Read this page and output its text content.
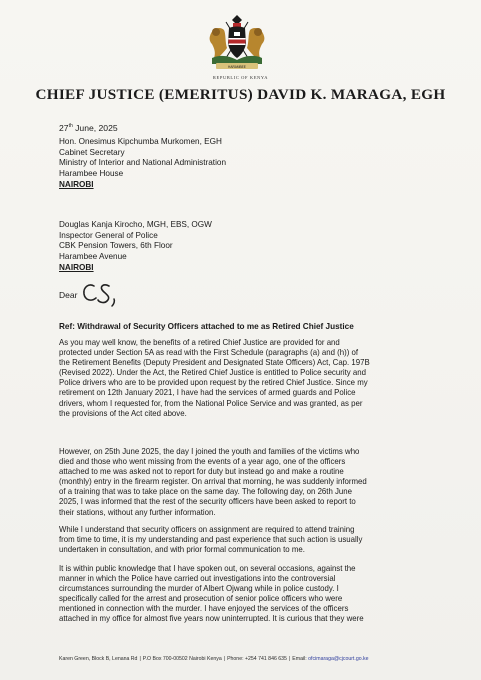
HARAMBEE
REPUBLIC OF KENYA
CHIEF JUSTICE (EMERITUS) DAVID K. MARAGA, EGH
27th June, 2025
Hon. Onesimus Kipchumba Murkomen, EGH
Cabinet Secretary
Ministry of Interior and National Administration
Harambee House
NAIROBI
Douglas Kanja Kirocho, MGH, EBS, OGW
Inspector General of Police
CBK Pension Towers, 6th Floor
Harambee Avenue
NAIROBI
Dear
Ref: Withdrawal of Security Officers attached to me as Retired Chief Justice
As you may well know, the benefits of a retired Chief Justice are provided for and
protected under Section 5A as read with the First Schedule (paragraphs (a) and (h)) of
the Retirement Benefits (Deputy President and Designated State Officers) Act, Cap. 197B
(Revised 2022). Under the Act, the Retired Chief Justice is entitled to Police security and
Police drivers who are to be provided upon request by the retired Chief Justice. Since my
retirement on 12th January 2021, I have had the services of armed guards and Police
drivers, whom I requested for, from the National Police Service and was granted, as per
the provisions of the Act cited above.
However, on 25th June 2025, the day I joined the youth and families of the victims who
died and those who went missing from the events of a year ago, one of the officers
attached to me was asked not to report for duty but instead go and make a routine
(monthly) entry in the firearm register. On arrival that morning, he was suddenly informed
of a training that was to take place on the same day. The following day, on 26th June
2025, I was informed that the rest of the security officers have been asked to report to
their stations, without any further information.
While I understand that security officers on assignment are required to attend training
from time to time, it is my understanding and past experience that such action is usually
undertaken in consultation, and with prior formal communication to me.
It is within public knowledge that I have spoken out, on several occasions, against the
manner in which the Police have carried out investigations into the controversial
circumstances surrounding the murder of Albert Ojwang while in police custody. I
specifically called for the arrest and prosecution of senior police officers who were
mentioned in connection with the murder. I have enjoyed the services of the officers
attached in my office for almost five years now uninterrupted. It is curious that they were
Karen Green, Block B, Lenana Rd | P.O Box 700-00502 Nairobi Kenya | Phone: +254 741 846 635 | Email: ofcimaraga@cjcourt.go.ke
